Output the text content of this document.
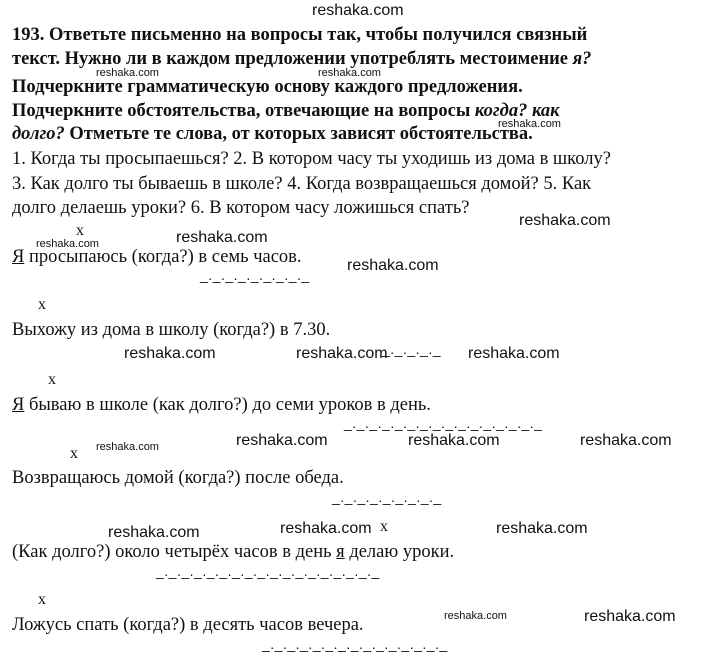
reshaka.com
193. Ответьте письменно на вопросы так, чтобы получился связный
текст. Нужно ли в каждом предложении употреблять местоимение я?
reshaka.com	reshaka.com
Подчеркните грамматическую основу каждого предложения.
Подчеркните обстоятельства, отвечающие на вопросы когда? как
reshaka.com
долго? Отметьте те слова, от которых зависят обстоятельства.
1. Когда ты просыпаешься? 2. В котором часу ты уходишь из дома в школу?
3. Как долго ты бываешь в школе? 4. Когда возвращаешься домой? 5. Как
долго делаешь уроки? 6. В котором часу ложишься спать?
reshaka.com
x
reshaka.com	reshaka.com
Я просыпаюсь (когда?) в семь часов.	reshaka.com
_._._._._._._._._
x
Выхожу из дома в школу (когда?) в 7.30.
reshaka.com	reshaka.com
_._._._._ reshaka.com
x
Я бываю в школе (как долго?) до семи уроков в день.
_._._._._._._._._._._._._._._._
x reshaka.com	reshaka.com	reshaka.com	reshaka.com
Возвращаюсь домой (когда?) после обеда.
_._._._._._._._._
reshaka.com	reshaka.com x	reshaka.com
(Как долго?) около четырёх часов в день я делаю уроки.
_._._._._._._._._._._._._._._._._._
x
reshaka.com	reshaka.com
Ложусь спать (когда?) в десять часов вечера.
_._._._._._._._._._._._._._._
